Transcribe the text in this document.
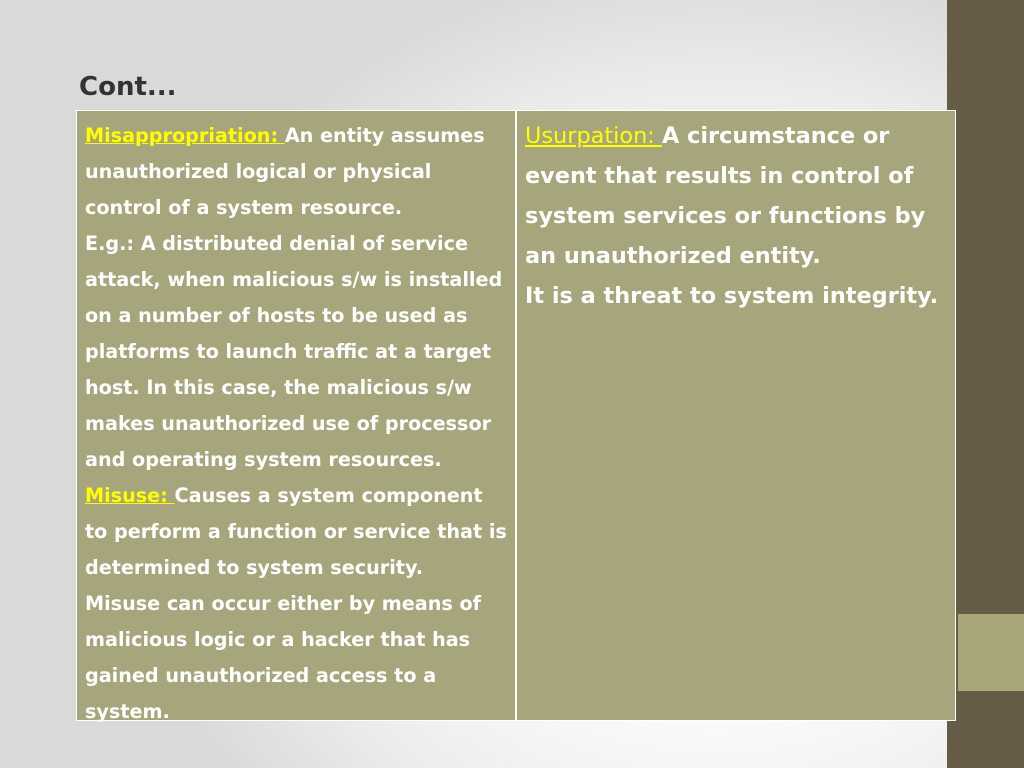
Cont...

Misappropriation: An entity assumes unauthorized logical or physical control of a system resource.

E.g.: A distributed denial of service attack, when malicious s/w is installed on a number of hosts to be used as platforms to launch traffic at a target host. In this case, the malicious s/w makes unauthorized use of processor and operating system resources.

Misuse: Causes a system component to perform a function or service that is determined to system security.

Misuse can occur either by means of malicious logic or a hacker that has gained unauthorized access to a system.

Usurpation: A circumstance or event that results in control of system services or functions by an unauthorized entity.

It is a threat to system integrity.
